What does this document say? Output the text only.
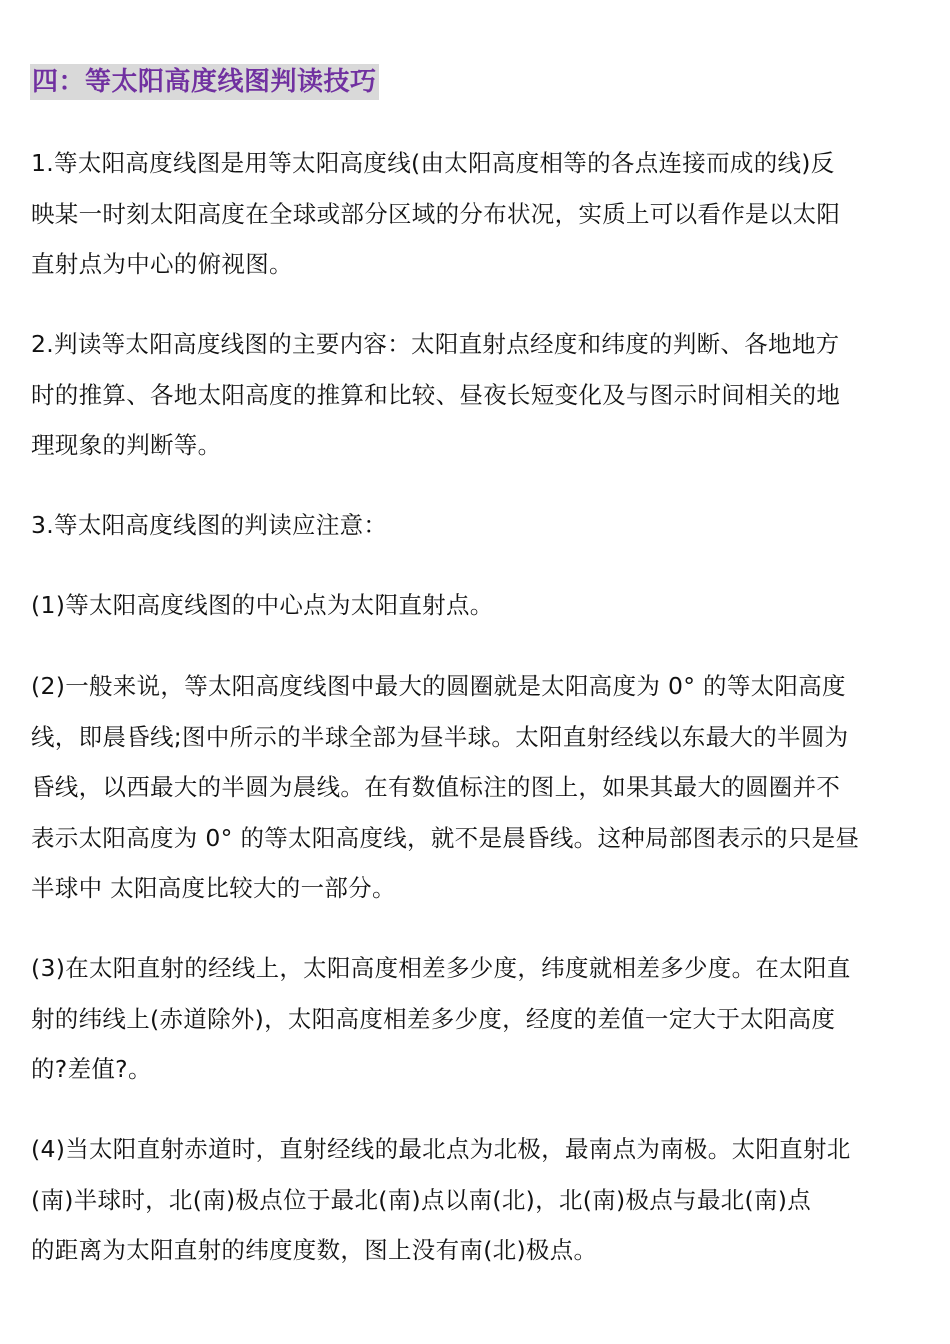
四：等太阳高度线图判读技巧

1.等太阳高度线图是用等太阳高度线(由太阳高度相等的各点连接而成的线)反
映某一时刻太阳高度在全球或部分区域的分布状况，实质上可以看作是以太阳
直射点为中心的俯视图。

2.判读等太阳高度线图的主要内容：太阳直射点经度和纬度的判断、各地地方
时的推算、各地太阳高度的推算和比较、昼夜长短变化及与图示时间相关的地
理现象的判断等。

3.等太阳高度线图的判读应注意：

(1)等太阳高度线图的中心点为太阳直射点。

(2)一般来说，等太阳高度线图中最大的圆圈就是太阳高度为 0° 的等太阳高度
线，即晨昏线;图中所示的半球全部为昼半球。太阳直射经线以东最大的半圆为
昏线，以西最大的半圆为晨线。在有数值标注的图上，如果其最大的圆圈并不
表示太阳高度为 0° 的等太阳高度线，就不是晨昏线。这种局部图表示的只是昼
半球中 太阳高度比较大的一部分。

(3)在太阳直射的经线上，太阳高度相差多少度，纬度就相差多少度。在太阳直
射的纬线上(赤道除外)，太阳高度相差多少度，经度的差值一定大于太阳高度
的?差值?。

(4)当太阳直射赤道时，直射经线的最北点为北极，最南点为南极。太阳直射北
(南)半球时，北(南)极点位于最北(南)点以南(北)，北(南)极点与最北(南)点
的距离为太阳直射的纬度度数，图上没有南(北)极点。
